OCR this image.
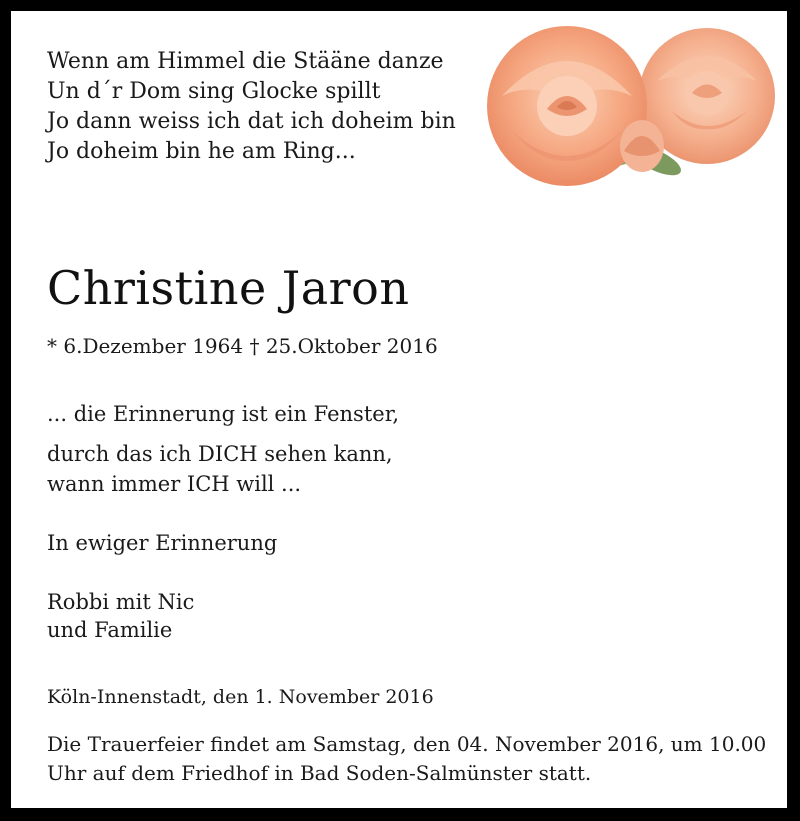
Wenn am Himmel die Stääne danze
Un d´r Dom sing Glocke spillt
Jo dann weiss ich dat ich doheim bin
Jo doheim bin he am Ring...
Christine Jaron
* 6.Dezember 1964 † 25.Oktober 2016
... die Erinnerung ist ein Fenster,
durch das ich DICH sehen kann,
wann immer ICH will ...
In ewiger Erinnerung
Robbi mit Nic
und Familie
Köln-Innenstadt, den 1. November 2016
Die Trauerfeier findet am Samstag, den 04. November 2016, um 10.00
Uhr auf dem Friedhof in Bad Soden-Salmünster statt.
